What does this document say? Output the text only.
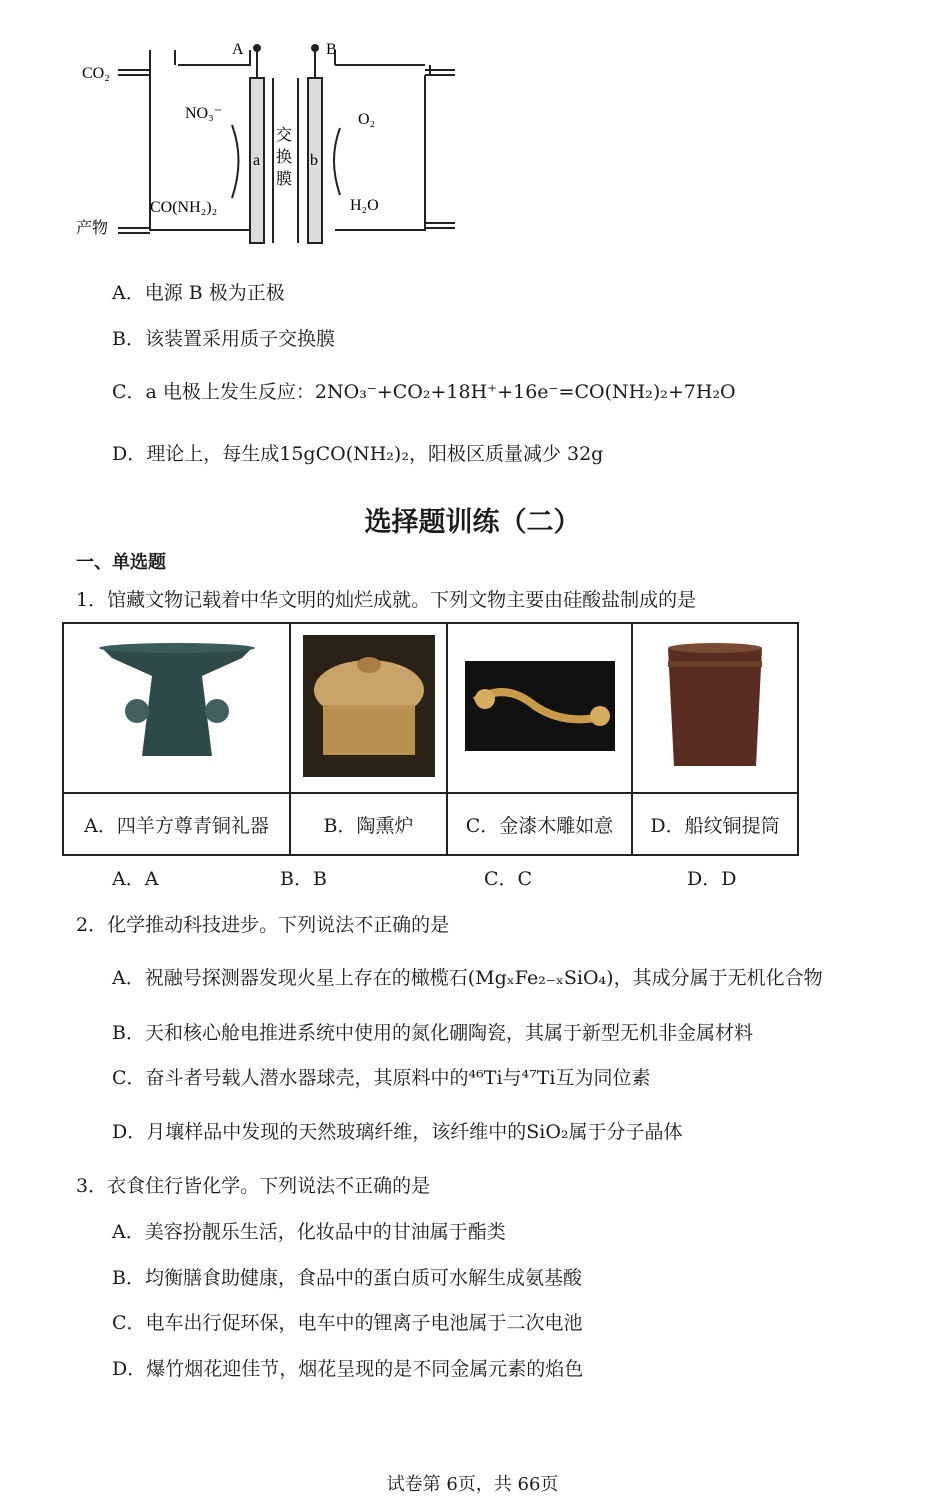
A	B
CO₂
NO₃⁻
CO(NH₂)₂
O₂
H₂O
产物
a	b
交
换
膜
A．电源 B 极为正极
B．该装置采用质子交换膜
C．a 电极上发生反应：2NO₃⁻+CO₂+18H⁺+16e⁻=CO(NH₂)₂+7H₂O
D．理论上，每生成15gCO(NH₂)₂，阳极区质量减少 32g
选择题训练（二）
一、单选题
1．馆藏文物记载着中华文明的灿烂成就。下列文物主要由硅酸盐制成的是

A．四羊方尊青铜礼器	B．陶熏炉	C．金漆木雕如意	D．船纹铜提筒
A．A	B．B	C．C	D．D
2．化学推动科技进步。下列说法不正确的是
A．祝融号探测器发现火星上存在的橄榄石(MgₓFe₂₋ₓSiO₄)，其成分属于无机化合物
B．天和核心舱电推进系统中使用的氮化硼陶瓷，其属于新型无机非金属材料
C．奋斗者号载人潜水器球壳，其原料中的⁴⁶Ti与⁴⁷Ti互为同位素
D．月壤样品中发现的天然玻璃纤维，该纤维中的SiO₂属于分子晶体
3．衣食住行皆化学。下列说法不正确的是
A．美容扮靓乐生活，化妆品中的甘油属于酯类
B．均衡膳食助健康，食品中的蛋白质可水解生成氨基酸
C．电车出行促环保，电车中的锂离子电池属于二次电池
D．爆竹烟花迎佳节，烟花呈现的是不同金属元素的焰色
试卷第 6页，共 66页
